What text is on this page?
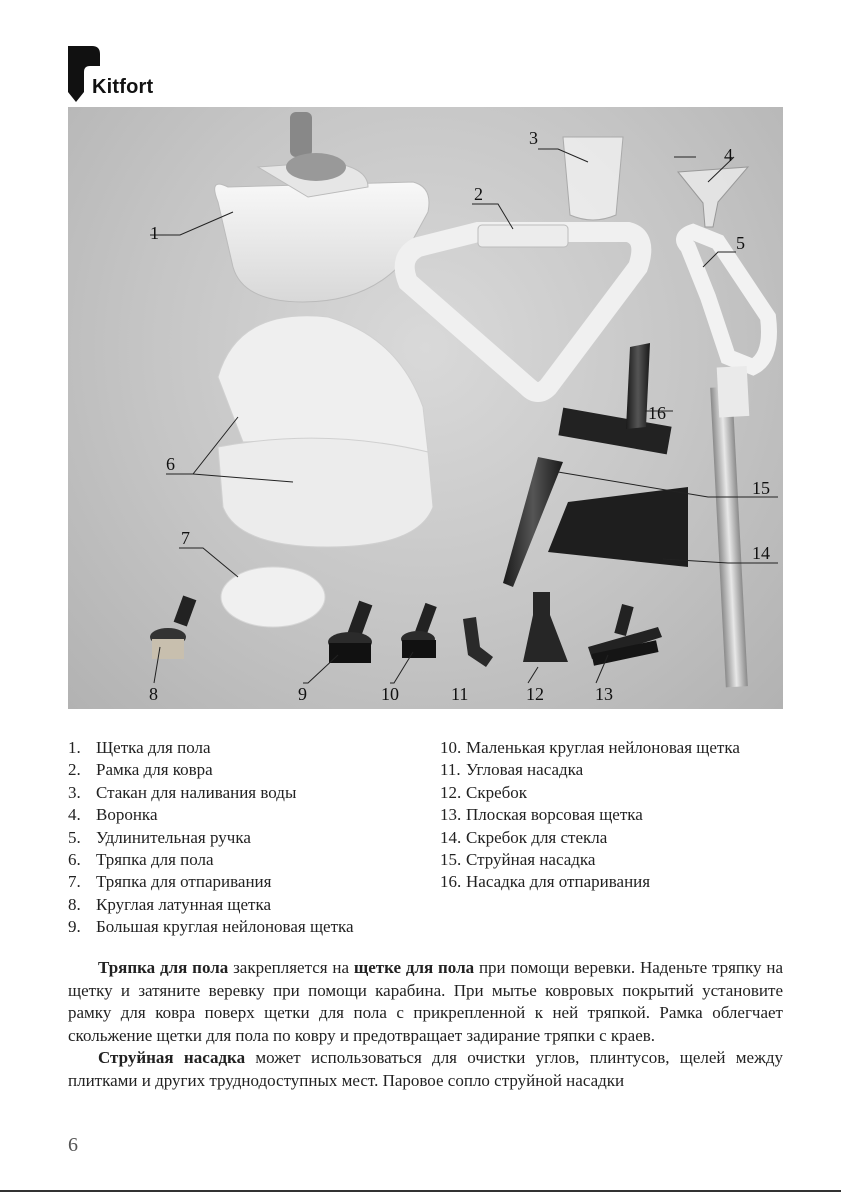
Kitfort
1
2
3
4
5
6
7
8	9	10	11	12	13
14
15
16
1. Щетка для пола
2. Рамка для ковра
3. Стакан для наливания воды
4. Воронка
5. Удлинительная ручка
6. Тряпка для пола
7. Тряпка для отпаривания
8. Круглая латунная щетка
9. Большая круглая нейлоновая щетка
10. Маленькая круглая нейлоновая щетка
11. Угловая насадка
12. Скребок
13. Плоская ворсовая щетка
14. Скребок для стекла
15. Струйная насадка
16. Насадка для отпаривания

Тряпка для пола закрепляется на щетке для пола при помощи веревки. Наденьте тряпку на щетку и затяните веревку при помощи карабина. При мытье ковровых покрытий установите рамку для ковра поверх щетки для пола с прикрепленной к ней тряпкой. Рамка облегчает скольжение щетки для пола по ковру и предотвращает задирание тряпки с краев.

Струйная насадка может использоваться для очистки углов, плинтусов, щелей между плитками и других труднодоступных мест. Паровое сопло струйной насадки

6
